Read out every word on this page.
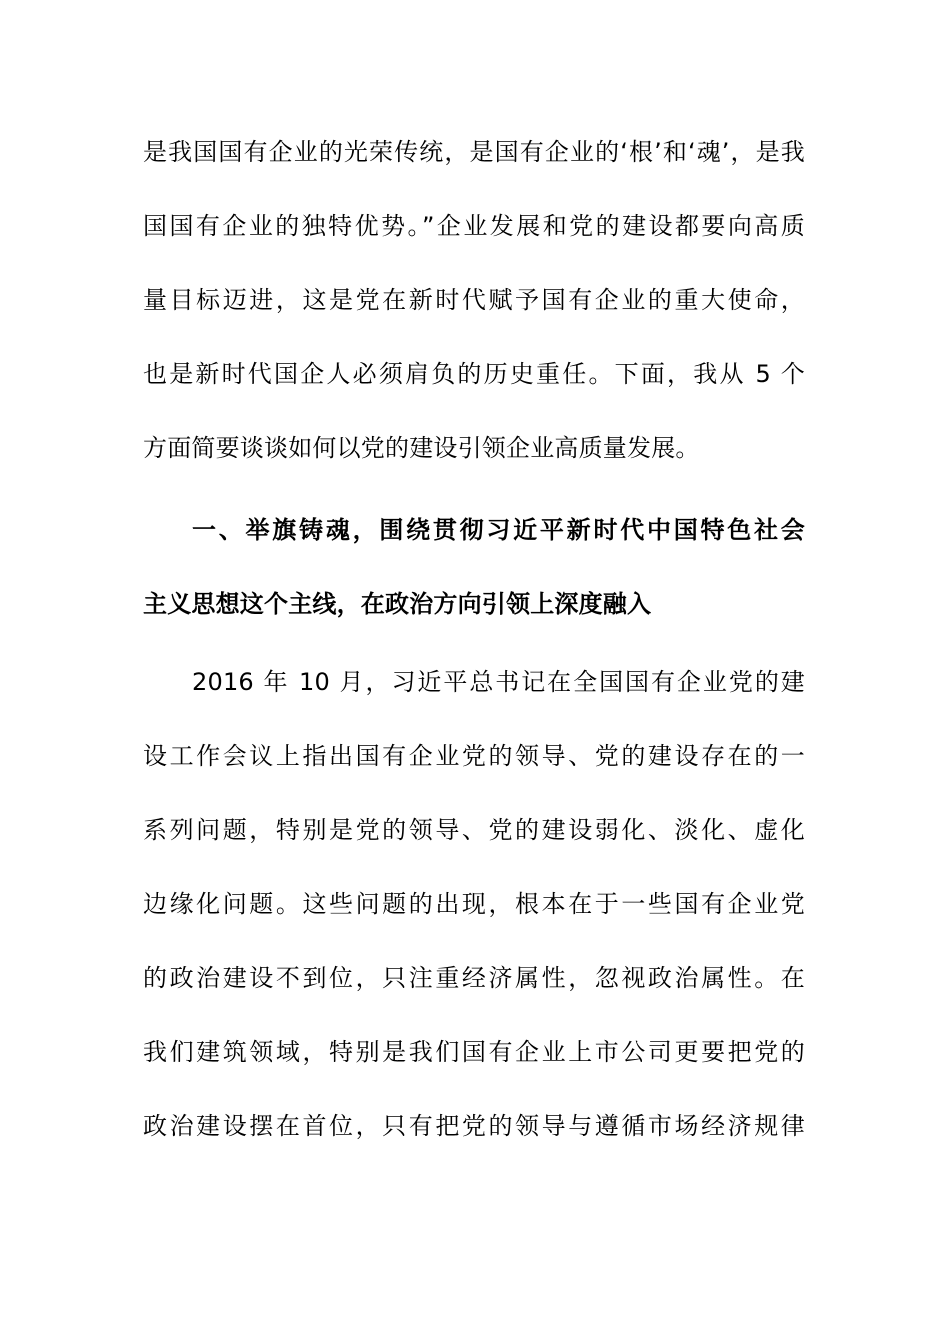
是我国国有企业的光荣传统，是国有企业的‘根’和‘魂’，是我
国国有企业的独特优势。”企业发展和党的建设都要向高质
量目标迈进，这是党在新时代赋予国有企业的重大使命，
也是新时代国企人必须肩负的历史重任。下面，我从 5 个
方面简要谈谈如何以党的建设引领企业高质量发展。
一、举旗铸魂，围绕贯彻习近平新时代中国特色社会
主义思想这个主线，在政治方向引领上深度融入
2016 年 10 月，习近平总书记在全国国有企业党的建
设工作会议上指出国有企业党的领导、党的建设存在的一
系列问题，特别是党的领导、党的建设弱化、淡化、虚化
边缘化问题。这些问题的出现，根本在于一些国有企业党
的政治建设不到位，只注重经济属性，忽视政治属性。在
我们建筑领域，特别是我们国有企业上市公司更要把党的
政治建设摆在首位，只有把党的领导与遵循市场经济规律
